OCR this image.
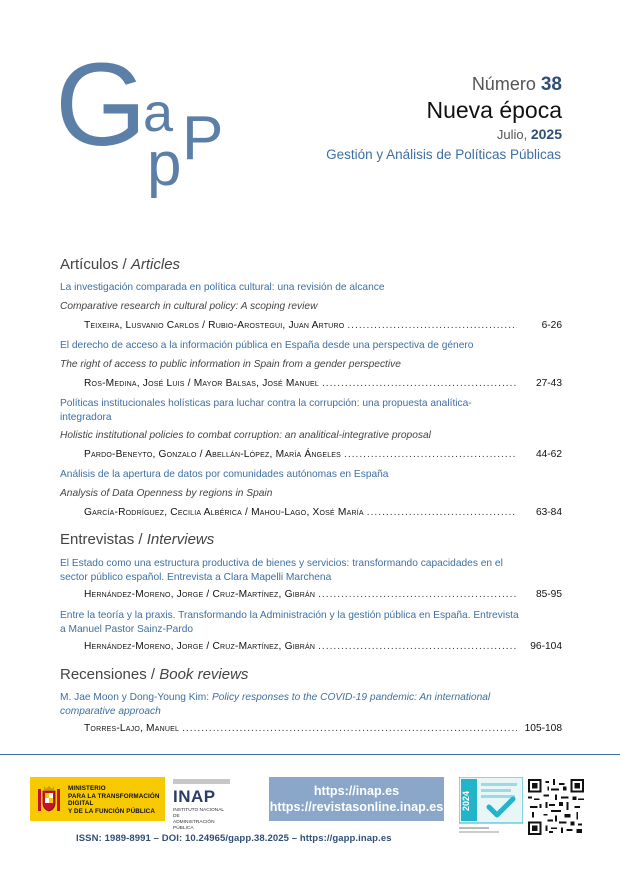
G
a P
p
Número 38
Nueva época
Julio, 2025
Gestión y Análisis de Políticas Públicas
Artículos / Articles
La investigación comparada en política cultural: una revisión de alcance
Comparative research in cultural policy: A scoping review
Teixeira, Lusvanio Carlos / Rubio-Arostegui, Juan Arturo .....	6-26
El derecho de acceso a la información pública en España desde una perspectiva de género
The right of access to public information in Spain from a gender perspective
Ros-Medina, José Luis / Mayor Balsas, José Manuel .....	27-43
Políticas institucionales holísticas para luchar contra la corrupción: una propuesta analítica-integradora
Holistic institutional policies to combat corruption: an analitical-integrative proposal
Pardo-Beneyto, Gonzalo / Abellán-López, María Ángeles .....	44-62
Análisis de la apertura de datos por comunidades autónomas en España
Analysis of Data Openness by regions in Spain
García-Rodríguez, Cecilia Albérica / Mahou-Lago, Xosé María .....	63-84
Entrevistas / Interviews
El Estado como una estructura productiva de bienes y servicios: transformando capacidades en el sector público español. Entrevista a Clara Mapelli Marchena
Hernández-Moreno, Jorge / Cruz-Martínez, Gibrán .....	85-95
Entre la teoría y la praxis. Transformando la Administración y la gestión pública en España. Entrevista a Manuel Pastor Sainz-Pardo
Hernández-Moreno, Jorge / Cruz-Martínez, Gibrán .....	96-104
Recensiones / Book reviews
M. Jae Moon y Dong-Young Kim: Policy responses to the COVID-19 pandemic: An international comparative approach
Torres-Lajo, Manuel .....	105-108
MINISTERIO
PARA LA TRANSFORMACIÓN DIGITAL
Y DE LA FUNCIÓN PÚBLICA
INAP
INSTITUTO NACIONAL DE
ADMINISTRACIÓN PÚBLICA
https://inap.es
https://revistasonline.inap.es 2024
ISSN: 1989-8991 – DOI: 10.24965/gapp.38.2025 – https://gapp.inap.es
